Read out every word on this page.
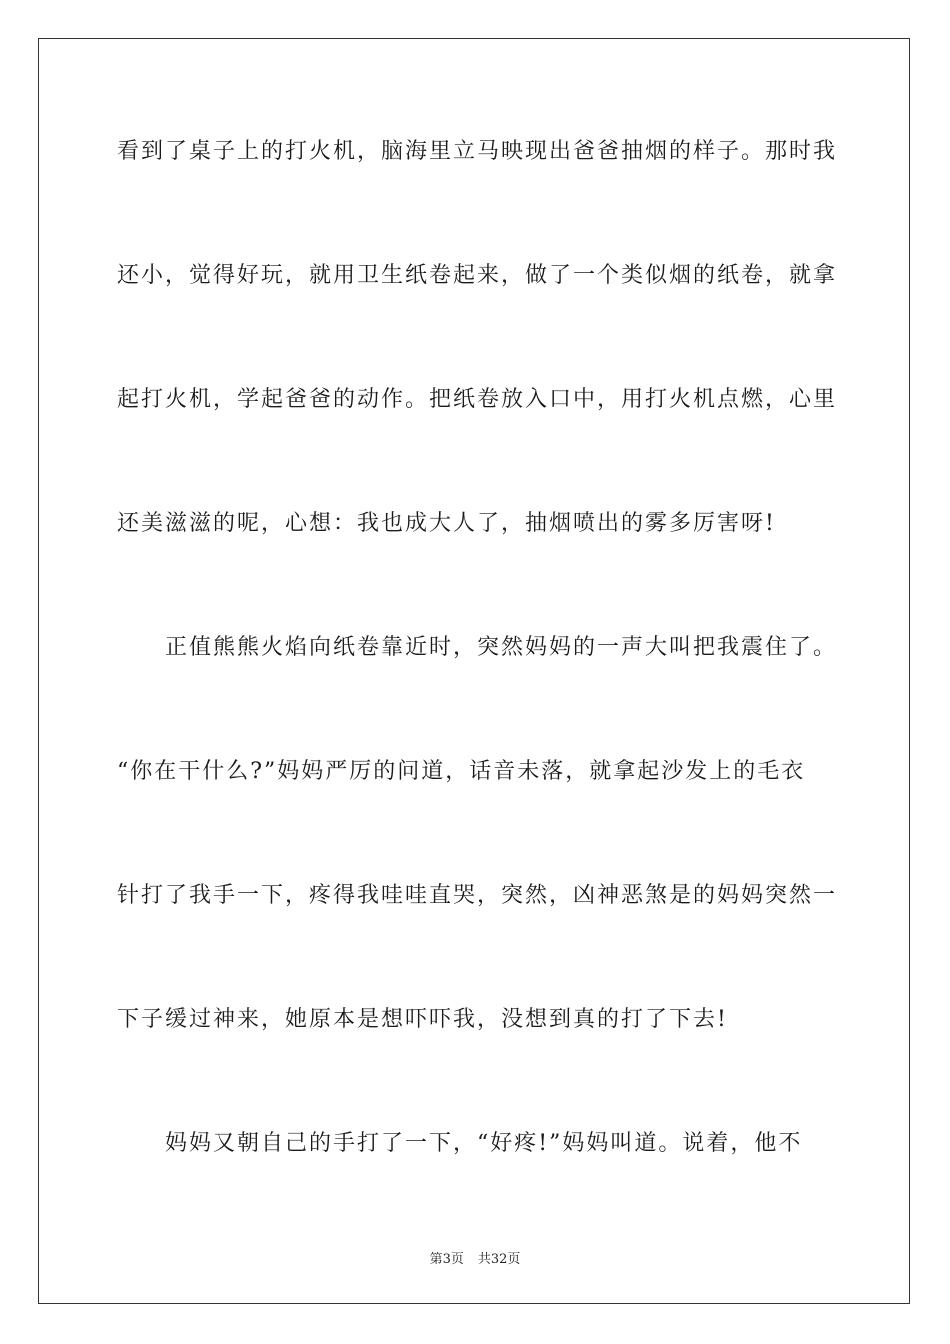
看到了桌子上的打火机，脑海里立马映现出爸爸抽烟的样子。那时我
还小，觉得好玩，就用卫生纸卷起来，做了一个类似烟的纸卷，就拿
起打火机，学起爸爸的动作。把纸卷放入口中，用打火机点燃，心里
还美滋滋的呢，心想：我也成大人了，抽烟喷出的雾多厉害呀!
　　正值熊熊火焰向纸卷靠近时，突然妈妈的一声大叫把我震住了。
“你在干什么?”妈妈严厉的问道，话音未落，就拿起沙发上的毛衣
针打了我手一下，疼得我哇哇直哭，突然，凶神恶煞是的妈妈突然一
下子缓过神来，她原本是想吓吓我，没想到真的打了下去!
　　妈妈又朝自己的手打了一下，“好疼!”妈妈叫道。说着，他不
第3页 共32页
